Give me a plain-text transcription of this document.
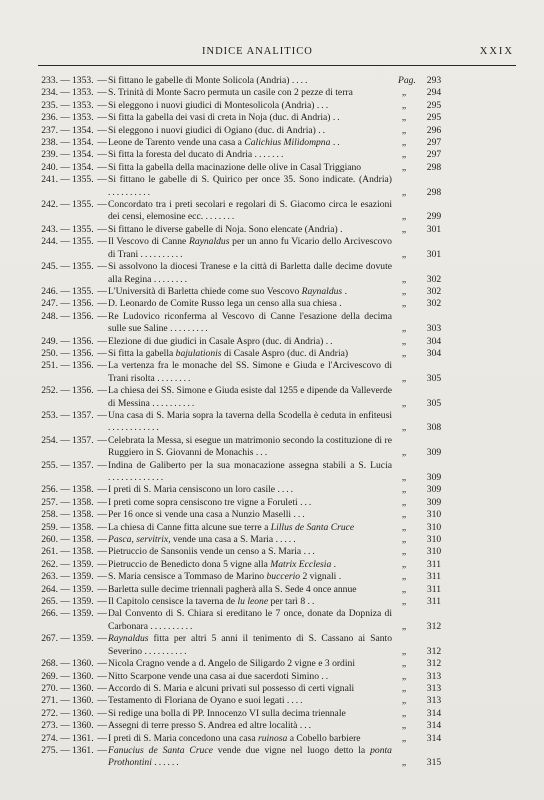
INDICE ANALITICO	XXIX
233. — 1353. — Si fittano le gabelle di Monte Solicola (Andria) ....	Pag.	293
234. — 1353. — S. Trinità di Monte Sacro permuta un casile con 2 pezze di terra	„	294
235. — 1353. — Si eleggono i nuovi giudici di Montesolicola (Andria) ...	„	295
236. — 1353. — Si fitta la gabella dei vasi di creta in Noja (duc. di Andria) ..	„	295
237. — 1354. — Si eleggono i nuovi giudici di Ogiano (duc. di Andria) ..	„	296
238. — 1354. — Leone de Tarento vende una casa a Calichius Milidompna ..	„	297
239. — 1354. — Si fitta la foresta del ducato di Andria .......	„	297
240. — 1354. — Si fitta la gabella della macinazione delle olive in Casal Triggiano	„	298
241. — 1355. — Si fittano le gabelle di S. Quirico per once 35. Sono indicate. (Andria) ..........	„	298
242. — 1355. — Concordato tra i preti secolari e regolari di S. Giacomo circa le esazioni dei censi, elemosine ecc. .......	„	299
243. — 1355. — Si fittano le diverse gabelle di Noja. Sono elencate (Andria) .	„	301
244. — 1355. — Il Vescovo di Canne Raynaldus per un anno fu Vicario dello Arcivescovo di Trani ..........	„	301
245. — 1355. — Si assolvono la diocesi Tranese e la città di Barletta dalle decime dovute alla Regina ........	„	302
246. — 1355. — L'Università di Barletta chiede come suo Vescovo Raynaldus .	„	302
247. — 1356. — D. Leonardo de Comite Russo lega un censo alla sua chiesa .	„	302
248. — 1356. — Re Ludovico riconferma al Vescovo di Canne l'esazione della decima sulle sue Saline .........	„	303
249. — 1356. — Elezione di due giudici in Casale Aspro (duc. di Andria) ..	„	304
250. — 1356. — Si fitta la gabella bajulationis di Casale Aspro (duc. di Andria)	„	304
251. — 1356. — La vertenza fra le monache del SS. Simone e Giuda e l'Arcivescovo di Trani risolta ........	„	305
252. — 1356. — La chiesa dei SS. Simone e Giuda esiste dal 1255 e dipende da Valleverde di Messina ..........	„	305
253. — 1357. — Una casa di S. Maria sopra la taverna della Scodella è ceduta in enfiteusi ............	„	308
254. — 1357. — Celebrata la Messa, si esegue un matrimonio secondo la costituzione di re Ruggiero in S. Giovanni de Monachis ...	„	309
255. — 1357. — Indina de Galiberto per la sua monacazione assegna stabili a S. Lucia .............	„	309
256. — 1358. — I preti di S. Maria censiscono un loro casile ....	„	309
257. — 1358. — I preti come sopra censiscono tre vigne a Foruleti ...	„	309
258. — 1358. — Per 16 once si vende una casa a Nunzio Maselli ...	„	310
259. — 1358. — La chiesa di Canne fitta alcune sue terre a Lillus de Santa Cruce	„	310
260. — 1358. — Pasca, servitrix, vende una casa a S. Maria .....	„	310
261. — 1358. — Pietruccio de Sansoniis vende un censo a S. Maria ...	„	310
262. — 1359. — Pietruccio de Benedicto dona 5 vigne alla Matrix Ecclesia .	„	311
263. — 1359. — S. Maria censisce a Tommaso de Marino buccerio 2 vignali .	„	311
264. — 1359. — Barletta sulle decime triennali pagherà alla S. Sede 4 once annue	„	311
265. — 1359. — Il Capitolo censisce la taverna de lu leone per tarì 8 ..	„	311
266. — 1359. — Dal Convento di S. Chiara si ereditano le 7 once, donate da Dopniza di Carbonara ..........	„	312
267. — 1359. — Raynaldus fitta per altri 5 anni il tenimento di S. Cassano ai Santo Severino ..........	„	312
268. — 1360. — Nicola Cragno vende a d. Angelo de Siligardo 2 vigne e 3 ordini	„	312
269. — 1360. — Nitto Scarpone vende una casa ai due sacerdoti Simino ..	„	313
270. — 1360. — Accordo di S. Maria e alcuni privati sul possesso di certi vignali	„	313
271. — 1360. — Testamento di Floriana de Oyano e suoi legati ....	„	313
272. — 1360. — Si redige una bolla di PP. Innocenzo VI sulla decima triennale	„	314
273. — 1360. — Assegni di terre presso S. Andrea ed altre località ...	„	314
274. — 1361. — I preti di S. Maria concedono una casa ruinosa a Cobello barbiere	„	314
275. — 1361. — Fanucius de Santa Cruce vende due vigne nel luogo detto la ponta Prothontini ......	„	315
